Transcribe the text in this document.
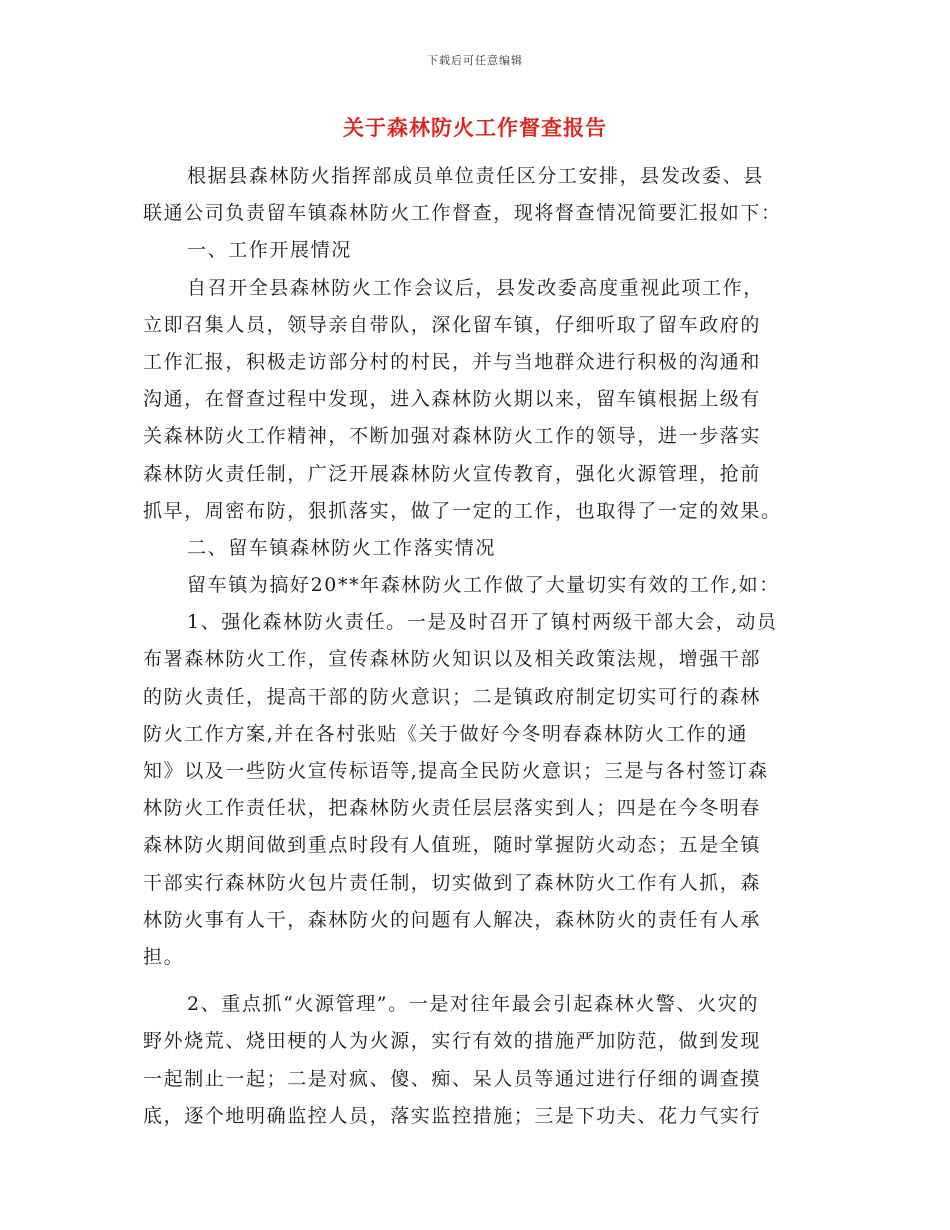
下载后可任意编辑
关于森林防火工作督查报告
根据县森林防火指挥部成员单位责任区分工安排，县发改委、县
联通公司负责留车镇森林防火工作督查，现将督查情况简要汇报如下：
一、工作开展情况
自召开全县森林防火工作会议后，县发改委高度重视此项工作，
立即召集人员，领导亲自带队，深化留车镇，仔细听取了留车政府的
工作汇报，积极走访部分村的村民，并与当地群众进行积极的沟通和
沟通，在督查过程中发现，进入森林防火期以来，留车镇根据上级有
关森林防火工作精神，不断加强对森林防火工作的领导，进一步落实
森林防火责任制，广泛开展森林防火宣传教育，强化火源管理，抢前
抓早，周密布防，狠抓落实，做了一定的工作，也取得了一定的效果。
二、留车镇森林防火工作落实情况
留车镇为搞好20**年森林防火工作做了大量切实有效的工作,如：
1、强化森林防火责任。一是及时召开了镇村两级干部大会，动员
布署森林防火工作，宣传森林防火知识以及相关政策法规，增强干部
的防火责任，提高干部的防火意识；二是镇政府制定切实可行的森林
防火工作方案,并在各村张贴《关于做好今冬明春森林防火工作的通
知》以及一些防火宣传标语等,提高全民防火意识；三是与各村签订森
林防火工作责任状，把森林防火责任层层落实到人；四是在今冬明春
森林防火期间做到重点时段有人值班，随时掌握防火动态；五是全镇
干部实行森林防火包片责任制，切实做到了森林防火工作有人抓，森
林防火事有人干，森林防火的问题有人解决，森林防火的责任有人承
担。
2、重点抓“火源管理”。一是对往年最会引起森林火警、火灾的
野外烧荒、烧田梗的人为火源，实行有效的措施严加防范，做到发现
一起制止一起；二是对疯、傻、痴、呆人员等通过进行仔细的调查摸
底，逐个地明确监控人员，落实监控措施；三是下功夫、花力气实行
